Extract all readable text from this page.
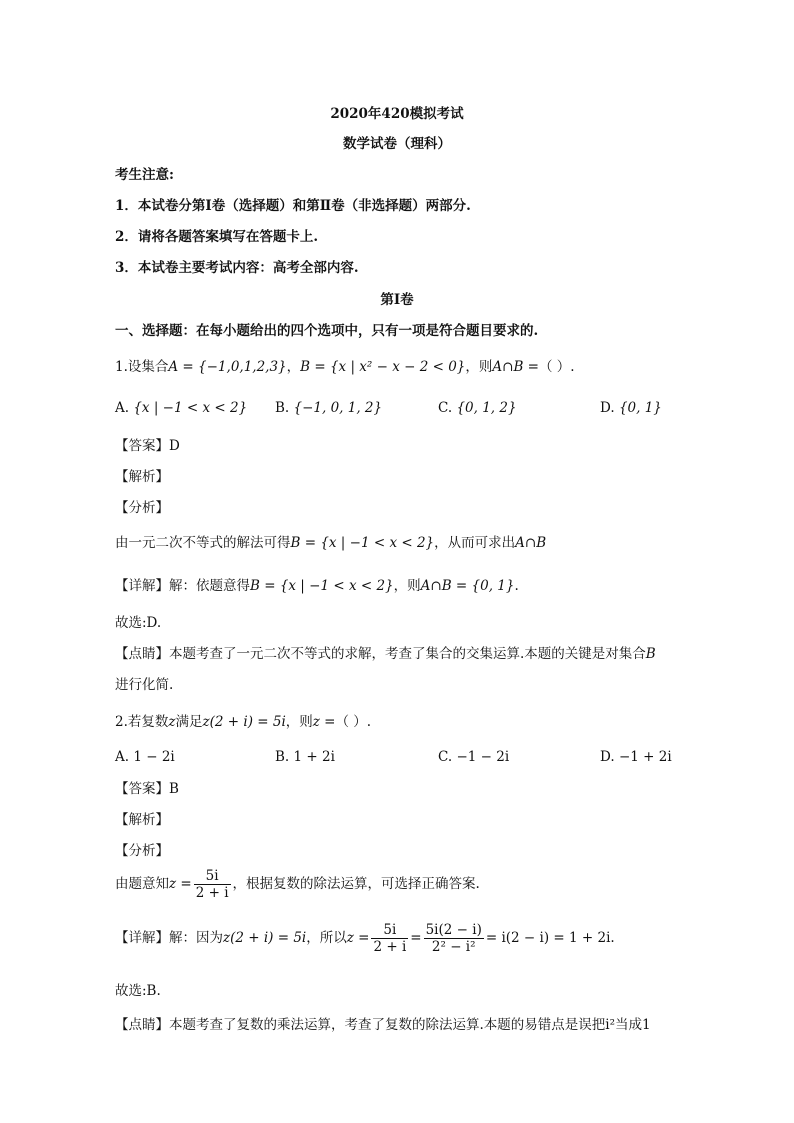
2020年420模拟考试
数学试卷（理科）
考生注意:
1．本试卷分第Ⅰ卷（选择题）和第Ⅱ卷（非选择题）两部分.
2．请将各题答案填写在答题卡上.
3．本试卷主要考试内容：高考全部内容.
第Ⅰ卷
一、选择题：在每小题给出的四个选项中，只有一项是符合题目要求的.
1.设集合A = {−1,0,1,2,3}，B = {x | x² − x − 2 < 0}，则A∩B =（ ）.
A. {x | −1 < x < 2} B. {−1, 0, 1, 2}	C. {0, 1, 2}	D. {0, 1}
【答案】D
【解析】
【分析】
由一元二次不等式的解法可得B = {x | −1 < x < 2}，从而可求出A∩B
【详解】解：依题意得B = {x | −1 < x < 2}，则A∩B = {0, 1}.
故选:D.
【点睛】本题考查了一元二次不等式的求解，考查了集合的交集运算.本题的关键是对集合B
进行化简.
2.若复数z满足z(2 + i) = 5i，则z =（ ）.
A. 1 − 2i	B. 1 + 2i	C. −1 − 2i	D. −1 + 2i
【答案】B
【解析】
【分析】
由题意知$z = \frac{5i}{2 + i}$ ，根据复数的除法运算，可选择正确答案.
【详解】解：因为z(2 + i) = 5i，所以$z = \frac{5i}{2 + i} = \frac{5i(2 - i)}{\text{2² − i²}} = i(2 - i) = 1 + 2i$.
故选:B.
【点睛】本题考查了复数的乘法运算，考查了复数的除法运算.本题的易错点是误把i²当成1
